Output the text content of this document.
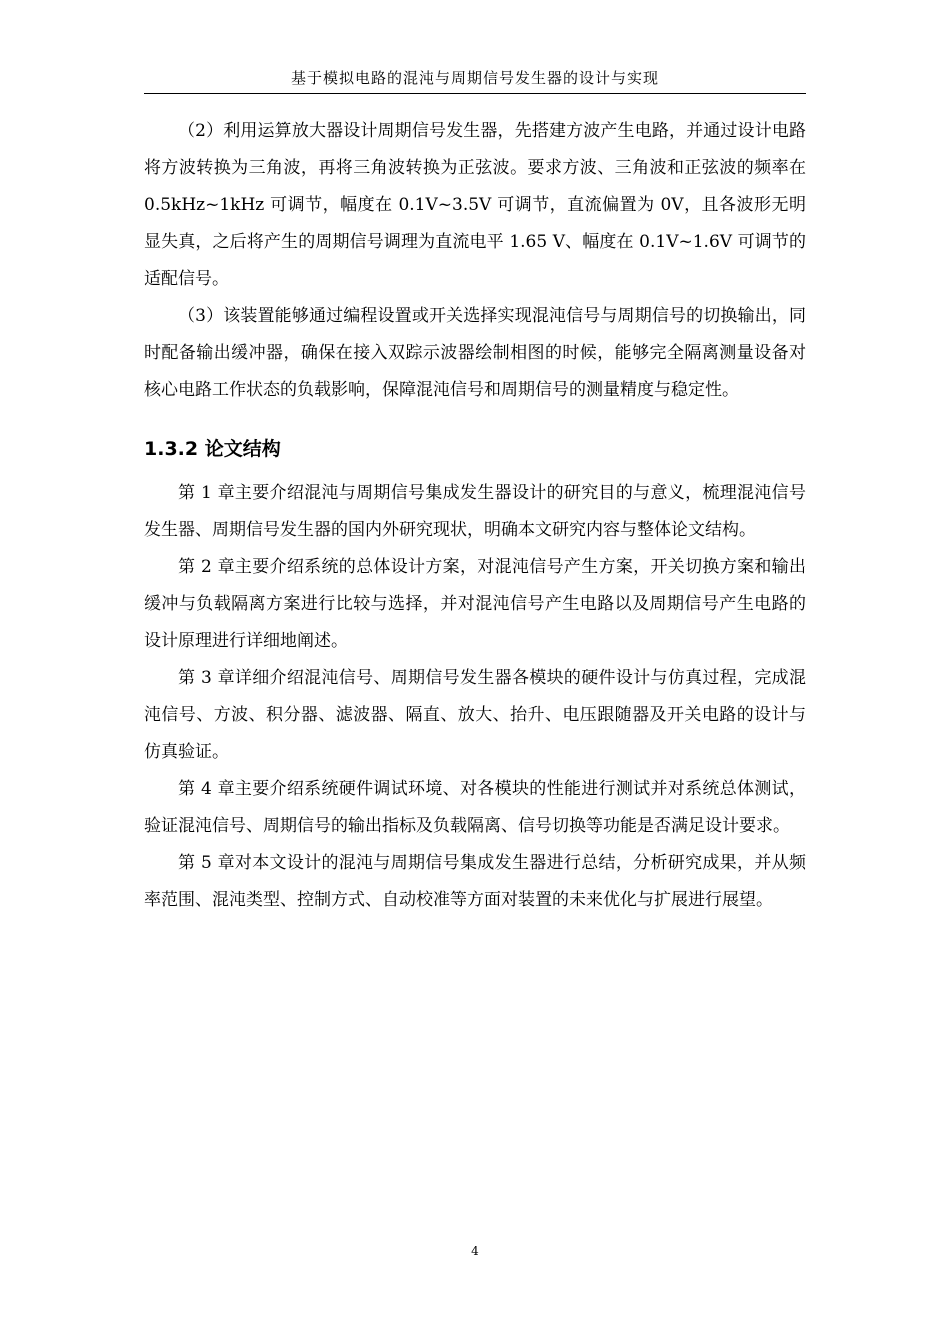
基于模拟电路的混沌与周期信号发生器的设计与实现

（2）利用运算放大器设计周期信号发生器，先搭建方波产生电路，并通过设计电路将方波转换为三角波，再将三角波转换为正弦波。要求方波、三角波和正弦波的频率在 0.5kHz~1kHz 可调节，幅度在 0.1V~3.5V 可调节，直流偏置为 0V，且各波形无明显失真，之后将产生的周期信号调理为直流电平 1.65 V、幅度在 0.1V~1.6V 可调节的适配信号。

（3）该装置能够通过编程设置或开关选择实现混沌信号与周期信号的切换输出，同时配备输出缓冲器，确保在接入双踪示波器绘制相图的时候，能够完全隔离测量设备对核心电路工作状态的负载影响，保障混沌信号和周期信号的测量精度与稳定性。

1.3.2 论文结构

第 1 章主要介绍混沌与周期信号集成发生器设计的研究目的与意义，梳理混沌信号发生器、周期信号发生器的国内外研究现状，明确本文研究内容与整体论文结构。

第 2 章主要介绍系统的总体设计方案，对混沌信号产生方案，开关切换方案和输出缓冲与负载隔离方案进行比较与选择，并对混沌信号产生电路以及周期信号产生电路的设计原理进行详细地阐述。

第 3 章详细介绍混沌信号、周期信号发生器各模块的硬件设计与仿真过程，完成混沌信号、方波、积分器、滤波器、隔直、放大、抬升、电压跟随器及开关电路的设计与仿真验证。

第 4 章主要介绍系统硬件调试环境、对各模块的性能进行测试并对系统总体测试，验证混沌信号、周期信号的输出指标及负载隔离、信号切换等功能是否满足设计要求。

第 5 章对本文设计的混沌与周期信号集成发生器进行总结，分析研究成果，并从频率范围、混沌类型、控制方式、自动校准等方面对装置的未来优化与扩展进行展望。

4
